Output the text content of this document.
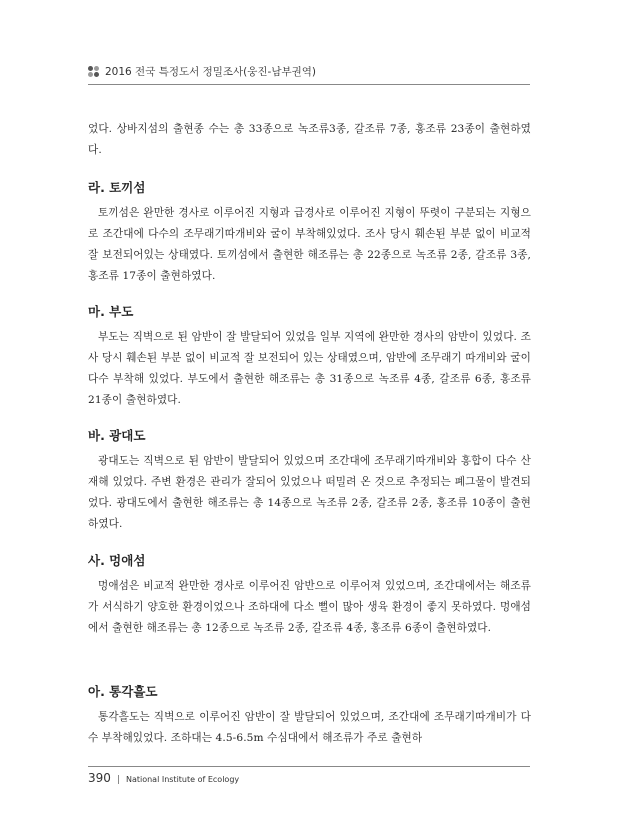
2016 전국 특정도서 정밀조사(웅진-남부권역)

었다. 상바지섬의 출현종 수는 총 33종으로 녹조류3종, 갈조류 7종, 홍조류 23종이 출현하였다.

라. 토끼섬

토끼섬은 완만한 경사로 이루어진 지형과 급경사로 이루어진 지형이 뚜렷이 구분되는 지형으로 조간대에 다수의 조무래기따개비와 굴이 부착해있었다. 조사 당시 훼손된 부분 없이 비교적 잘 보전되어있는 상태였다. 토끼섬에서 출현한 해조류는 총 22종으로 녹조류 2종, 갈조류 3종, 홍조류 17종이 출현하였다.

마. 부도

부도는 직벽으로 된 암반이 잘 발달되어 있었음 일부 지역에 완만한 경사의 암반이 있었다. 조사 당시 훼손된 부분 없이 비교적 잘 보전되어 있는 상태였으며, 암반에 조무래기 따개비와 굴이 다수 부착해 있었다. 부도에서 출현한 해조류는 총 31종으로 녹조류 4종, 갈조류 6종, 홍조류 21종이 출현하였다.

바. 광대도

광대도는 직벽으로 된 암반이 발달되어 있었으며 조간대에 조무래기따개비와 홍합이 다수 산재해 있었다. 주변 환경은 관리가 잘되어 있었으나 떠밀려 온 것으로 추정되는 폐그물이 발견되었다. 광대도에서 출현한 해조류는 총 14종으로 녹조류 2종, 갈조류 2종, 홍조류 10종이 출현하였다.

사. 멍애섬

멍애섬은 비교적 완만한 경사로 이루어진 암반으로 이루어져 있었으며, 조간대에서는 해조류가 서식하기 양호한 환경이었으나 조하대에 다소 뻘이 많아 생육 환경이 좋지 못하였다. 멍애섬에서 출현한 해조류는 총 12종으로 녹조류 2종, 갈조류 4종, 홍조류 6종이 출현하였다.

아. 통각흘도

통각흘도는 직벽으로 이루어진 암반이 잘 발달되어 있었으며, 조간대에 조무래기따개비가 다수 부착해있었다. 조하대는 4.5-6.5m 수심대에서 해조류가 주로 출현하

390 | National Institute of Ecology
